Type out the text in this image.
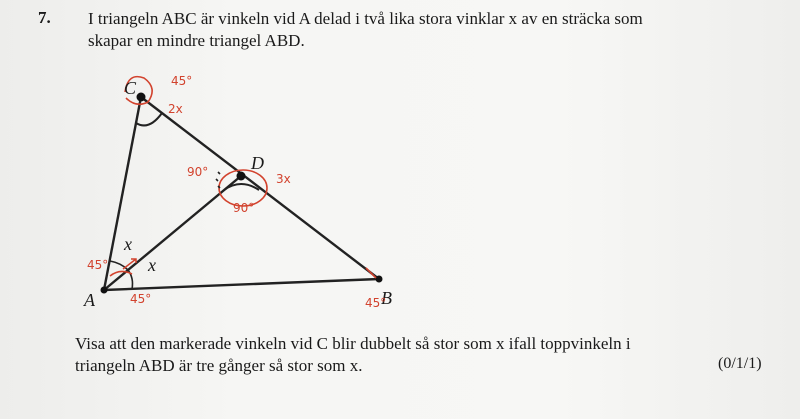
7. I triangeln ABC är vinkeln vid A delad i två lika stora vinklar x av en sträcka som
skapar en mindre triangel ABD.
A	B
C
D
x
x
45°
2x
90°	3x
90°
45°
45°	45°
Visa att den markerade vinkeln vid C blir dubbelt så stor som x ifall toppvinkeln i
triangeln ABD är tre gånger så stor som x.	(0/1/1)
